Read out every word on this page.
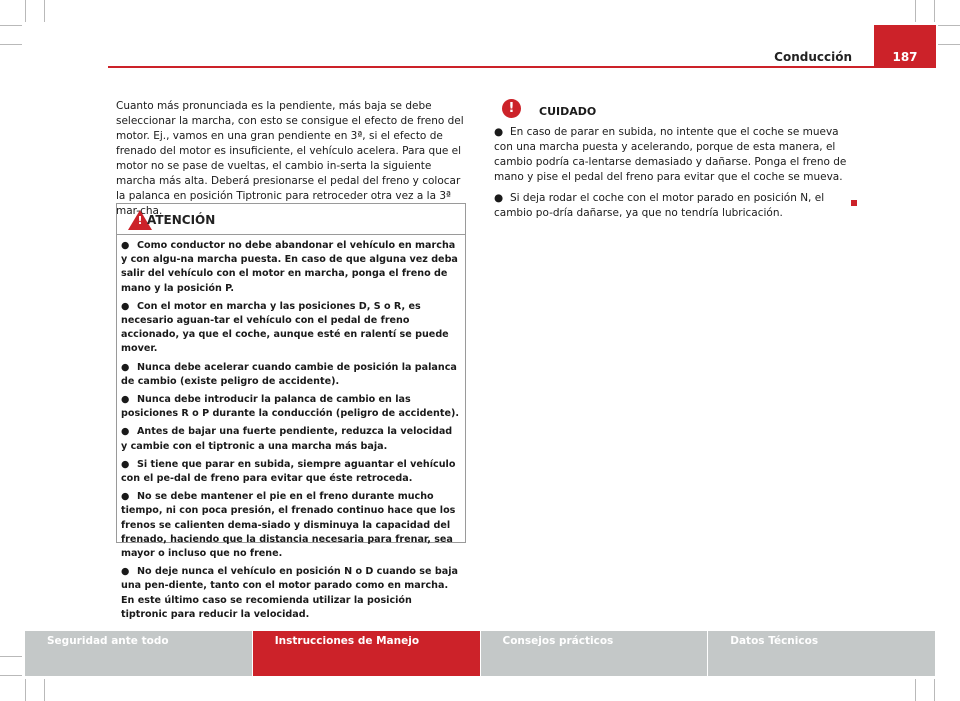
Conducción	187

Cuanto más pronunciada es la pendiente, más baja se debe seleccionar la marcha, con esto se consigue el efecto de freno del motor. Ej., vamos en una gran pendiente en 3ª, si el efecto de frenado del motor es insuficiente, el vehículo acelera. Para que el motor no se pase de vueltas, el cambio in-serta la siguiente marcha más alta. Deberá presionarse el pedal del freno y colocar la palanca en posición Tiptronic para retroceder otra vez a la 3ª mar-cha.

! ATENCIÓN

● Como conductor no debe abandonar el vehículo en marcha y con algu-na marcha puesta. En caso de que alguna vez deba salir del vehículo con el motor en marcha, ponga el freno de mano y la posición P.

● Con el motor en marcha y las posiciones D, S o R, es necesario aguan-tar el vehículo con el pedal de freno accionado, ya que el coche, aunque esté en ralentí se puede mover.

● Nunca debe acelerar cuando cambie de posición la palanca de cambio (existe peligro de accidente).

● Nunca debe introducir la palanca de cambio en las posiciones R o P durante la conducción (peligro de accidente).

● Antes de bajar una fuerte pendiente, reduzca la velocidad y cambie con el tiptronic a una marcha más baja.

● Si tiene que parar en subida, siempre aguantar el vehículo con el pe-dal de freno para evitar que éste retroceda.

● No se debe mantener el pie en el freno durante mucho tiempo, ni con poca presión, el frenado continuo hace que los frenos se calienten dema-siado y disminuya la capacidad del frenado, haciendo que la distancia necesaria para frenar, sea mayor o incluso que no frene.

● No deje nunca el vehículo en posición N o D cuando se baja una pen-diente, tanto con el motor parado como en marcha. En este último caso se recomienda utilizar la posición tiptronic para reducir la velocidad.

!	CUIDADO

● En caso de parar en subida, no intente que el coche se mueva con una marcha puesta y acelerando, porque de esta manera, el cambio podría ca-lentarse demasiado y dañarse. Ponga el freno de mano y pise el pedal del freno para evitar que el coche se mueva.

● Si deja rodar el coche con el motor parado en posición N, el cambio po-dría dañarse, ya que no tendría lubricación.

Seguridad ante todo	Instrucciones de Manejo	Consejos prácticos	Datos Técnicos
